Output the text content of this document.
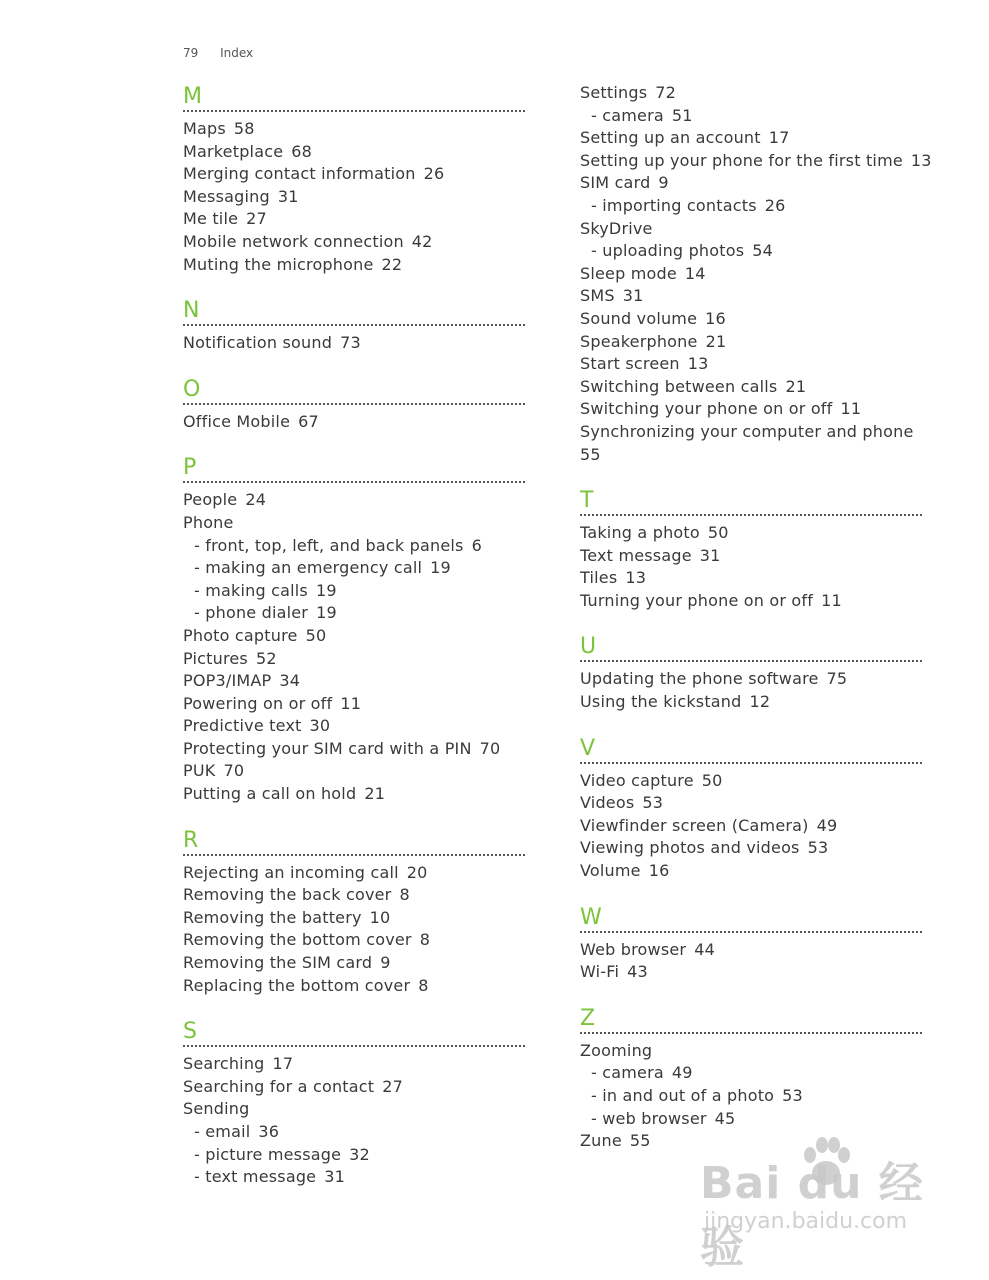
79 Index
M
Maps 58
Marketplace 68
Merging contact information 26
Messaging 31
Me tile 27
Mobile network connection 42
Muting the microphone 22
N
Notification sound 73
O
Office Mobile 67
P
People 24
Phone
- front, top, left, and back panels 6
- making an emergency call 19
- making calls 19
- phone dialer 19
Photo capture 50
Pictures 52
POP3/IMAP 34
Powering on or off 11
Predictive text 30
Protecting your SIM card with a PIN 70
PUK 70
Putting a call on hold 21
R
Rejecting an incoming call 20
Removing the back cover 8
Removing the battery 10
Removing the bottom cover 8
Removing the SIM card 9
Replacing the bottom cover 8
S
Searching 17
Searching for a contact 27
Sending
- email 36
- picture message 32
- text message 31
Settings 72
- camera 51
Setting up an account 17
Setting up your phone for the first time 13
SIM card 9
- importing contacts 26
SkyDrive
- uploading photos 54
Sleep mode 14
SMS 31
Sound volume 16
Speakerphone 21
Start screen 13
Switching between calls 21
Switching your phone on or off 11
Synchronizing your computer and phone
55
T
Taking a photo 50
Text message 31
Tiles 13
Turning your phone on or off 11
U
Updating the phone software 75
Using the kickstand 12
V
Video capture 50
Videos 53
Viewfinder screen (Camera) 49
Viewing photos and videos 53
Volume 16
W
Web browser 44
Wi-Fi 43
Z
Zooming
- camera 49
- in and out of a photo 53
- web browser 45
Zune 55
Bai du 经验
jingyan.baidu.com
